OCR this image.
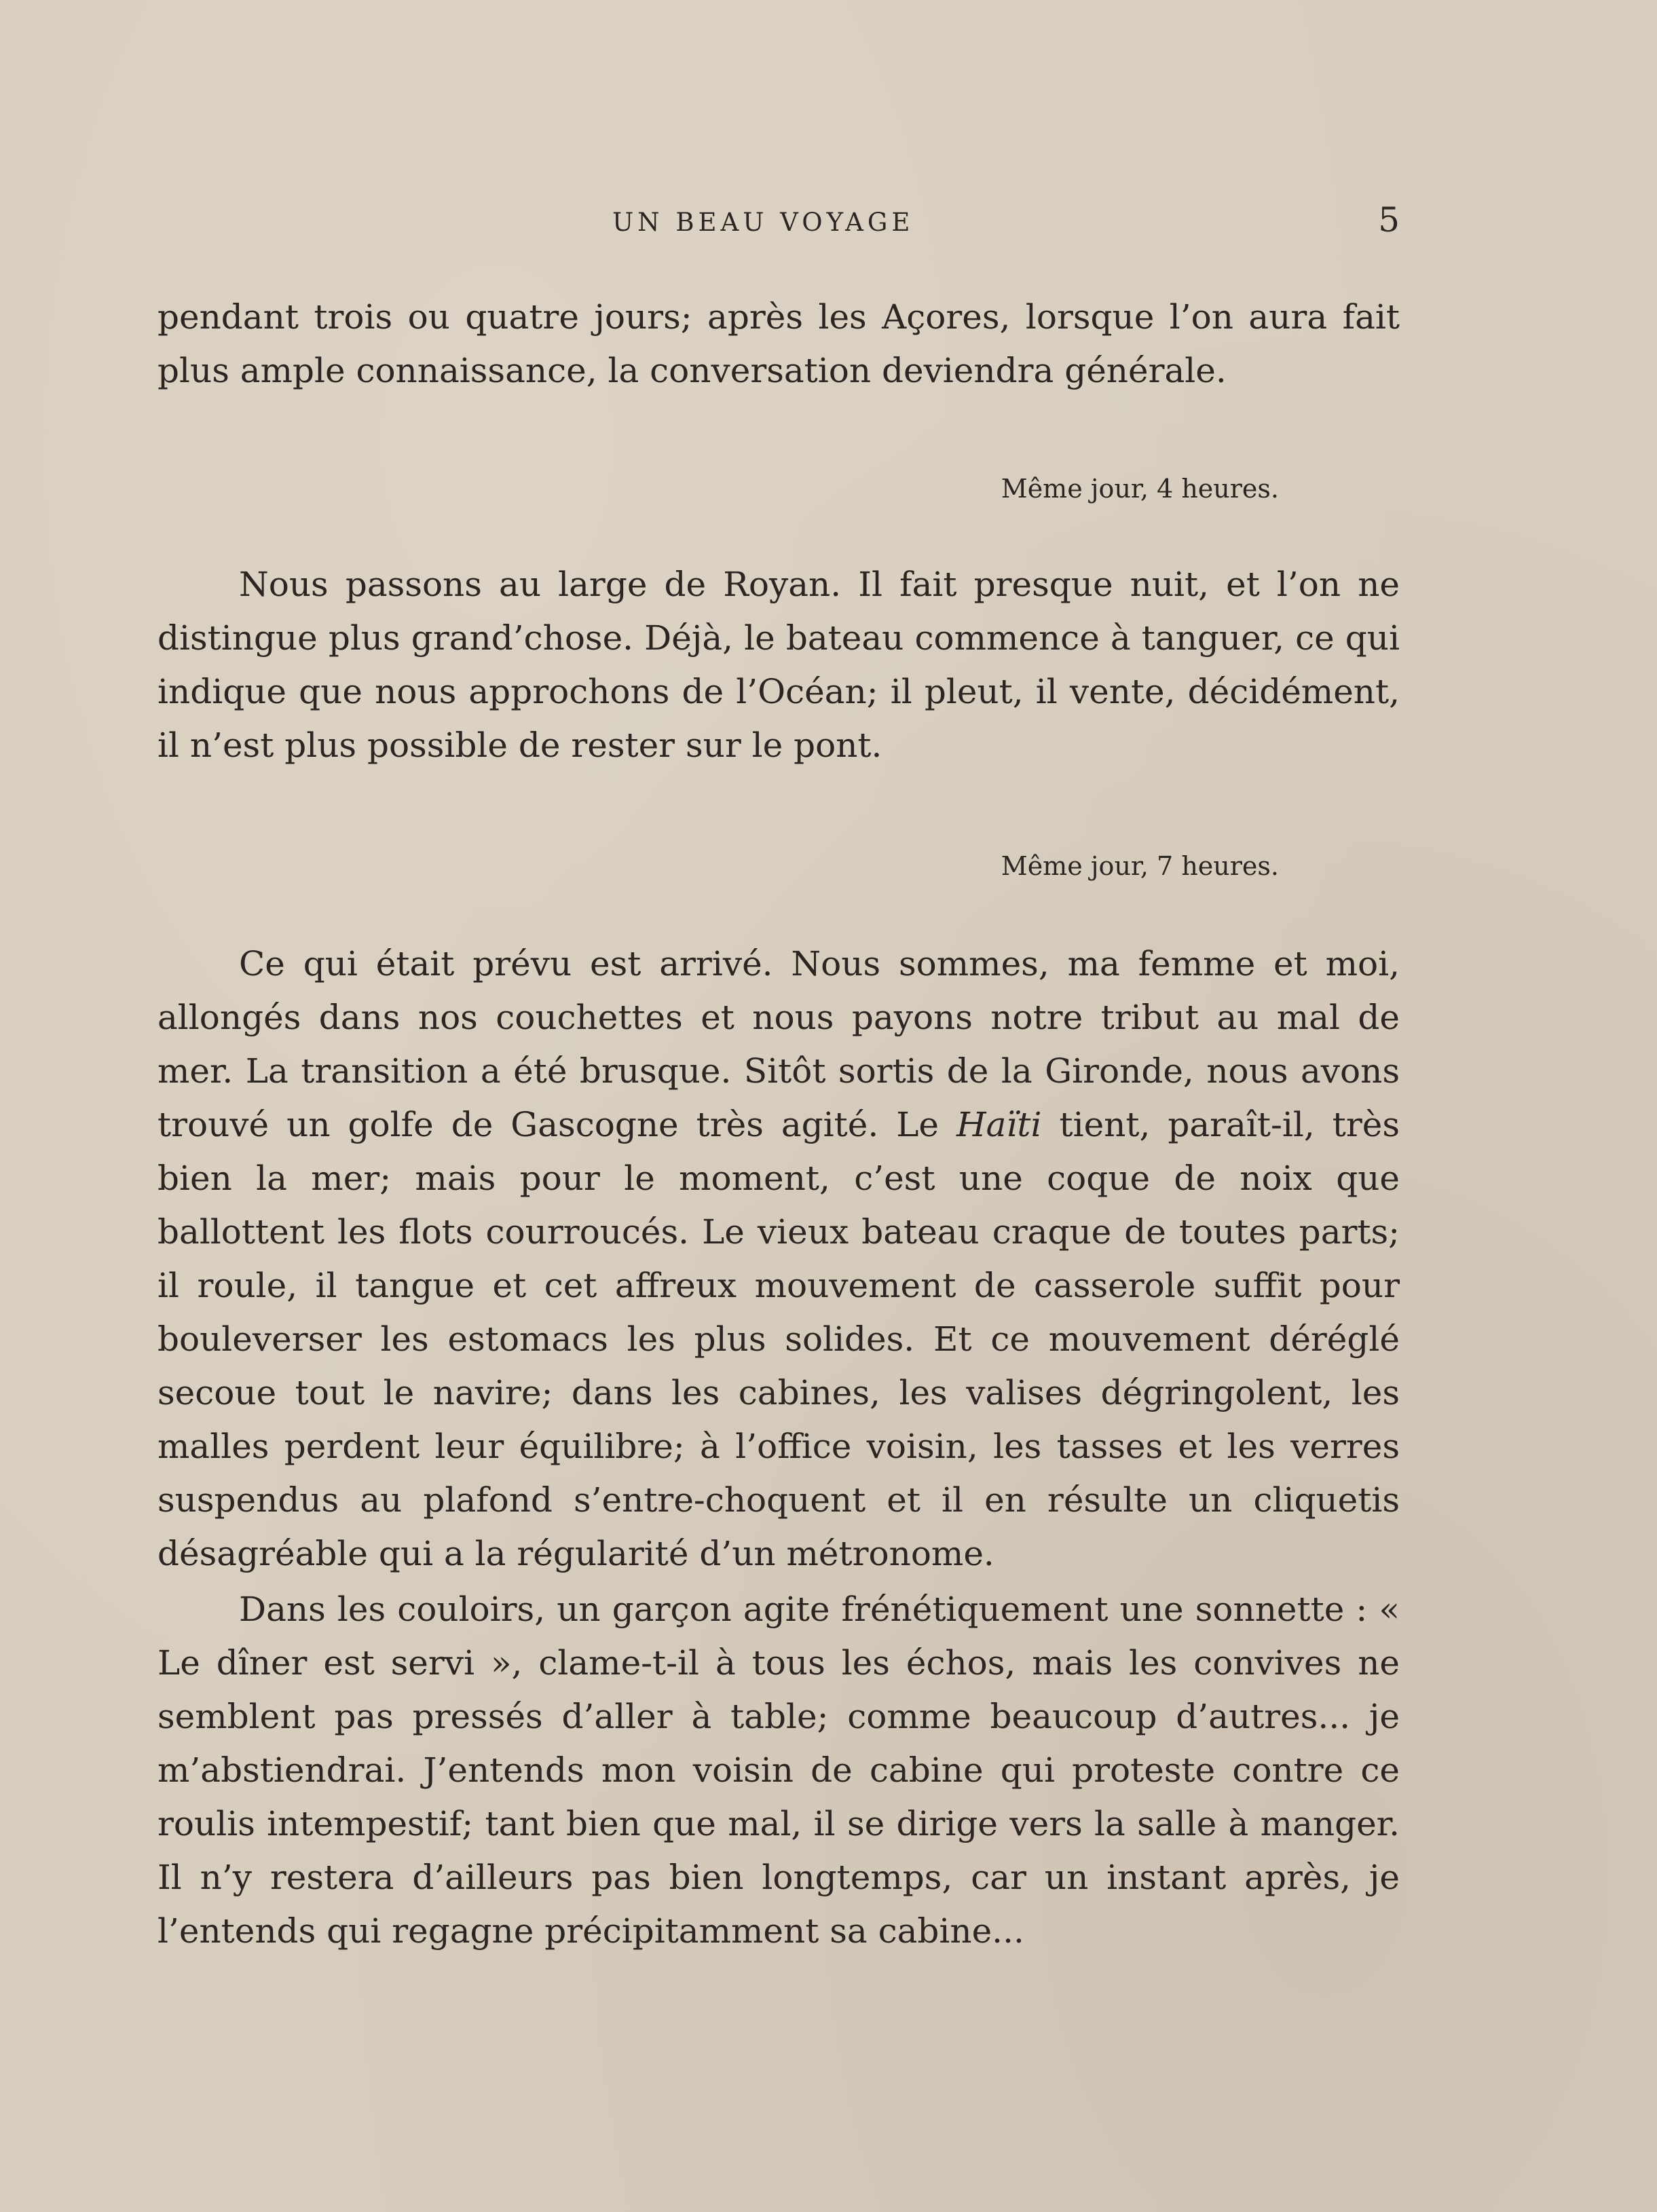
UN BEAU VOYAGE	5

pendant trois ou quatre jours; après les Açores, lorsque l’on aura fait plus ample connaissance, la conversation deviendra générale.

Même jour, 4 heures.

Nous passons au large de Royan. Il fait presque nuit, et l’on ne distingue plus grand’chose. Déjà, le bateau commence à tanguer, ce qui indique que nous approchons de l’Océan; il pleut, il vente, décidément, il n’est plus possible de rester sur le pont.

Même jour, 7 heures.

Ce qui était prévu est arrivé. Nous sommes, ma femme et moi, allongés dans nos couchettes et nous payons notre tribut au mal de mer. La transition a été brusque. Sitôt sortis de la Gironde, nous avons trouvé un golfe de Gascogne très agité. Le Haïti tient, paraît-il, très bien la mer; mais pour le moment, c’est une coque de noix que ballottent les flots courroucés. Le vieux bateau craque de toutes parts; il roule, il tangue et cet affreux mouvement de casserole suffit pour bouleverser les estomacs les plus solides. Et ce mouvement déréglé secoue tout le navire; dans les cabines, les valises dégringolent, les malles perdent leur équilibre; à l’office voisin, les tasses et les verres suspendus au plafond s’entre-choquent et il en résulte un cliquetis désagréable qui a la régularité d’un métronome.

Dans les couloirs, un garçon agite frénétiquement une sonnette : « Le dîner est servi », clame-t-il à tous les échos, mais les convives ne semblent pas pressés d’aller à table; comme beaucoup d’autres... je m’abstiendrai. J’entends mon voisin de cabine qui proteste contre ce roulis intempestif; tant bien que mal, il se dirige vers la salle à manger. Il n’y restera d’ailleurs pas bien longtemps, car un instant après, je l’entends qui regagne précipitamment sa cabine...
